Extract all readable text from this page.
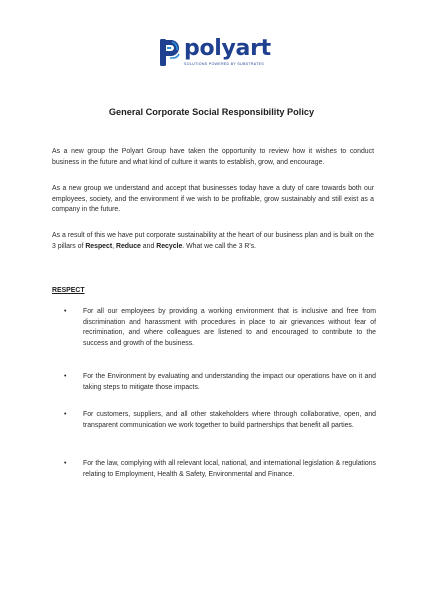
polyart
SOLUTIONS POWERED BY SUBSTRATES
General Corporate Social Responsibility Policy
As a new group the Polyart Group have taken the opportunity to review how it wishes to conduct business in the future and what kind of culture it wants to establish, grow, and encourage.
As a new group we understand and accept that businesses today have a duty of care towards both our employees, society, and the environment if we wish to be profitable, grow sustainably and still exist as a company in the future.
As a result of this we have put corporate sustainability at the heart of our business plan and is built on the 3 pillars of Respect, Reduce and Recycle. What we call the 3 R’s.
RESPECT
• For all our employees by providing a working environment that is inclusive and free from discrimination and harassment with procedures in place to air grievances without fear of recrimination, and where colleagues are listened to and encouraged to contribute to the success and growth of the business.
• For the Environment by evaluating and understanding the impact our operations have on it and taking steps to mitigate those impacts.
• For customers, suppliers, and all other stakeholders where through collaborative, open, and transparent communication we work together to build partnerships that benefit all parties.
• For the law, complying with all relevant local, national, and international legislation & regulations relating to Employment, Health & Safety, Environmental and Finance.
